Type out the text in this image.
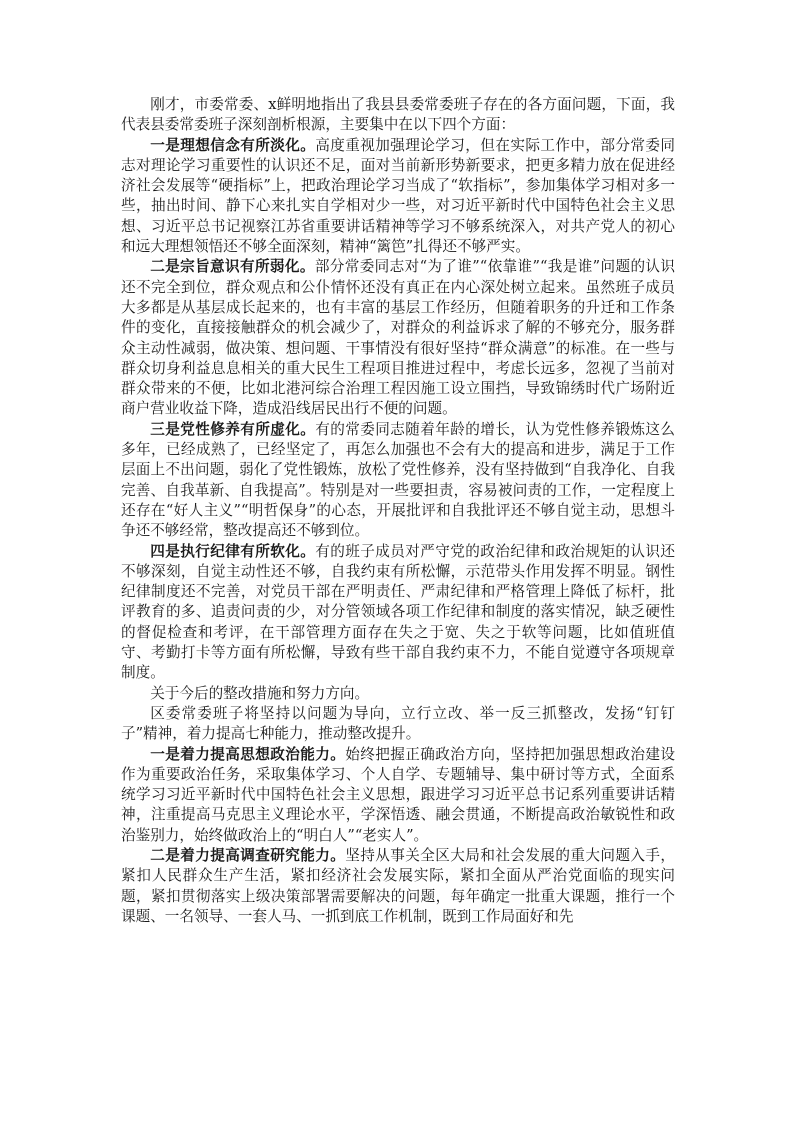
刚才，市委常委、x鲜明地指出了我县县委常委班子存在的各方面问题，下面，我代表县委常委班子深刻剖析根源，主要集中在以下四个方面：

一是理想信念有所淡化。高度重视加强理论学习，但在实际工作中，部分常委同志对理论学习重要性的认识还不足，面对当前新形势新要求，把更多精力放在促进经济社会发展等“硬指标”上，把政治理论学习当成了“软指标”，参加集体学习相对多一些，抽出时间、静下心来扎实自学相对少一些，对习近平新时代中国特色社会主义思想、习近平总书记视察江苏省重要讲话精神等学习不够系统深入，对共产党人的初心和远大理想领悟还不够全面深刻，精神“篱笆”扎得还不够严实。

二是宗旨意识有所弱化。部分常委同志对“为了谁”“依靠谁”“我是谁”问题的认识还不完全到位，群众观点和公仆情怀还没有真正在内心深处树立起来。虽然班子成员大多都是从基层成长起来的，也有丰富的基层工作经历，但随着职务的升迁和工作条件的变化，直接接触群众的机会减少了，对群众的利益诉求了解的不够充分，服务群众主动性减弱，做决策、想问题、干事情没有很好坚持“群众满意”的标准。在一些与群众切身利益息息相关的重大民生工程项目推进过程中，考虑长远多，忽视了当前对群众带来的不便，比如北港河综合治理工程因施工设立围挡，导致锦绣时代广场附近商户营业收益下降，造成沿线居民出行不便的问题。

三是党性修养有所虚化。有的常委同志随着年龄的增长，认为党性修养锻炼这么多年，已经成熟了，已经坚定了，再怎么加强也不会有大的提高和进步，满足于工作层面上不出问题，弱化了党性锻炼，放松了党性修养，没有坚持做到“自我净化、自我完善、自我革新、自我提高”。特别是对一些要担责，容易被问责的工作，一定程度上还存在“好人主义”“明哲保身”的心态，开展批评和自我批评还不够自觉主动，思想斗争还不够经常，整改提高还不够到位。

四是执行纪律有所软化。有的班子成员对严守党的政治纪律和政治规矩的认识还不够深刻，自觉主动性还不够，自我约束有所松懈，示范带头作用发挥不明显。钢性纪律制度还不完善，对党员干部在严明责任、严肃纪律和严格管理上降低了标杆，批评教育的多、追责问责的少，对分管领域各项工作纪律和制度的落实情况，缺乏硬性的督促检查和考评，在干部管理方面存在失之于宽、失之于软等问题，比如值班值守、考勤打卡等方面有所松懈，导致有些干部自我约束不力，不能自觉遵守各项规章制度。

关于今后的整改措施和努力方向。

区委常委班子将坚持以问题为导向，立行立改、举一反三抓整改，发扬“钉钉子”精神，着力提高七种能力，推动整改提升。

一是着力提高思想政治能力。始终把握正确政治方向，坚持把加强思想政治建设作为重要政治任务，采取集体学习、个人自学、专题辅导、集中研讨等方式，全面系统学习习近平新时代中国特色社会主义思想，跟进学习习近平总书记系列重要讲话精神，注重提高马克思主义理论水平，学深悟透、融会贯通，不断提高政治敏锐性和政治鉴别力，始终做政治上的“明白人”“老实人”。

二是着力提高调查研究能力。坚持从事关全区大局和社会发展的重大问题入手，紧扣人民群众生产生活，紧扣经济社会发展实际，紧扣全面从严治党面临的现实问题，紧扣贯彻落实上级决策部署需要解决的问题，每年确定一批重大课题，推行一个课题、一名领导、一套人马、一抓到底工作机制，既到工作局面好和先
